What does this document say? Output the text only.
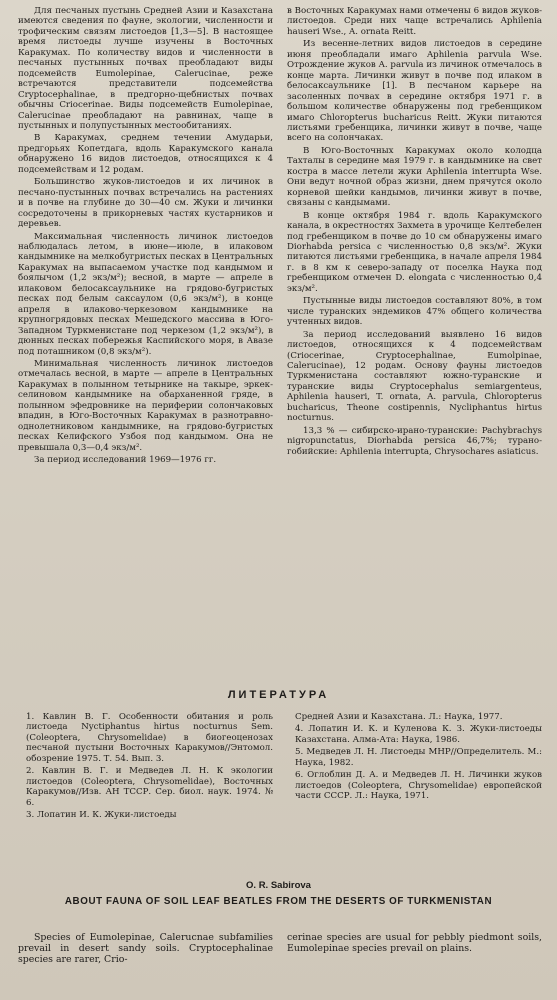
Для песчаных пустынь Средней Азии и Казахстана имеются сведения по фауне, экологии, численности и трофическим связям листоедов [1,3—5]. В настоящее время листоеды лучше изучены в Восточных Каракумах. По количеству видов и численности в песчаных пустынных почвах преобладают виды подсемейств Eumolepinae, Calerucinae, реже встречаются представители подсемейства Cryptocephalinae, в предгорно-щебнистых почвах обычны Criocerinae. Виды подсемейств Eumolepinae, Calerucinae преобладают на равнинах, чаще в пустынных и полупустынных местообитаниях.

В Каракумах, среднем течении Амударьи, предгорьях Копетдага, вдоль Каракумского канала обнаружено 16 видов листоедов, относящихся к 4 подсемействам и 12 родам.

Большинство жуков-листоедов и их личинок в песчано-пустынных почвах встречались на растениях и в почве на глубине до 30—40 см. Жуки и личинки сосредоточены в прикорневых частях кустарников и деревьев.

Максимальная численность личинок листоедов наблюдалась летом, в июне—июле, в илаковом кандымнике на мелкобугристых песках в Центральных Каракумах на выпасаемом участке под кандымом и боялычом (1,2 экз/м²); весной, в марте — апреле в илаковом белосаксаульнике на грядово-бугристых песках под белым саксаулом (0,6 экз/м²), в конце апреля в илаково-черкезовом кандымнике на крупногрядовых песках Мешедского массива в Юго-Западном Туркменистане под черкезом (1,2 экз/м²), в дюнных песках побережья Каспийского моря, в Авазе под поташником (0,8 экз/м²).

Минимальная численность личинок листоедов отмечалась весной, в марте — апреле в Центральных Каракумах в полынном тетырнике на такыре, эркек-селиновом кандымнике на обарханенной гряде, в полынном эфедровнике на периферии солончаковых впадин, в Юго-Восточных Каракумах в разнотравно-однолетниковом кандымнике, на грядово-бугристых песках Келифского Узбоя под кандымом. Она не превышала 0,3—0,4 экз/м².

За период исследований 1969—1976 гг.

в Восточных Каракумах нами отмечены 6 видов жуков-листоедов. Среди них чаще встречались Aphilenia hauseri Wse., A. ornata Reitt.

Из весенне-летних видов листоедов в середине июня преобладали имаго Aphilenia parvula Wse. Отрождение жуков A. parvula из личинок отмечалось в конце марта. Личинки живут в почве под илаком в белосаксаульнике [1]. В песчаном карьере на засоленных почвах в середине октября 1971 г. в большом количестве обнаружены под гребенщиком имаго Chloropterus bucharicus Reitt. Жуки питаются листьями гребенщика, личинки живут в почве, чаще всего на солончаках.

В Юго-Восточных Каракумах около колодца Тахталы в середине мая 1979 г. в кандымнике на свет костра в массе летели жуки Aphilenia interrupta Wse. Они ведут ночной образ жизни, днем прячутся около корневой шейки кандымов, личинки живут в почве, связаны с кандымами.

В конце октября 1984 г. вдоль Каракумского канала, в окрестностях Захмета в урочище Келтебелен под гребенщиком в почве до 10 см обнаружены имаго Diorhabda persica с численностью 0,8 экз/м². Жуки питаются листьями гребенщика, в начале апреля 1984 г. в 8 км к северо-западу от поселка Наука под гребенщиком отмечен D. elongata с численностью 0,4 экз/м².

Пустынные виды листоедов составляют 80%, в том числе туранских эндемиков 47% общего количества учтенных видов.

За период исследований выявлено 16 видов листоедов, относящихся к 4 подсемействам (Criocerinae, Cryptocephalinae, Eumolpinae, Calerucinae), 12 родам. Основу фауны листоедов Туркменистана составляют южно-туранские и туранские виды Cryptocephalus semiargenteus, Aphilenia hauseri, T. ornata, A. parvula, Chloropterus bucharicus, Theone costipennis, Nycliphantus hirtus nocturnus.

13,3 % — сибирско-ирано-туранские: Pachybrachys nigropunctatus, Diorhabda persica 46,7%; турано-гобийские: Aphilenia interrupta, Chrysochares asiaticus.

ЛИТЕРАТУРА

1. Кавлин В. Г. Особенности обитания и роль листоеда Nyctiphantus hirtus nocturnus Sem. (Coleoptera, Chrysomelidae) в биогеоценозах песчаной пустыни Восточных Каракумов//Энтомол. обозрение 1975. Т. 54. Вып. 3.

2. Кавлин В. Г. и Медведев Л. Н. К экологии листоедов (Coleoptera, Chrysomelidae), Восточных Каракумов//Изв. АН ТССР. Сер. биол. наук. 1974. № 6.

3. Лопатин И. К. Жуки-листоеды

Средней Азии и Казахстана. Л.: Наука, 1977.

4. Лопатин И. К. и Куленова К. З. Жуки-листоеды Казахстана. Алма-Ата: Наука, 1986.

5. Медведев Л. Н. Листоеды МНР//Определитель. М.: Наука, 1982.

6. Оглоблин Д. А. и Медведев Л. Н. Личинки жуков листоедов (Coleoptera, Chrysomelidae) европейской части СССР. Л.: Наука, 1971.

O. R. Sabirova
ABOUT FAUNA OF SOIL LEAF BEATLES FROM THE DESERTS OF TURKMENISTAN

Species of Eumolepinae, Calerucnae subfamilies prevail in desert sandy soils. Cryptocephalinae species are rarer, Crio-

cerinae species are usual for pebbly piedmont soils, Eumolepinae species prevail on plains.
